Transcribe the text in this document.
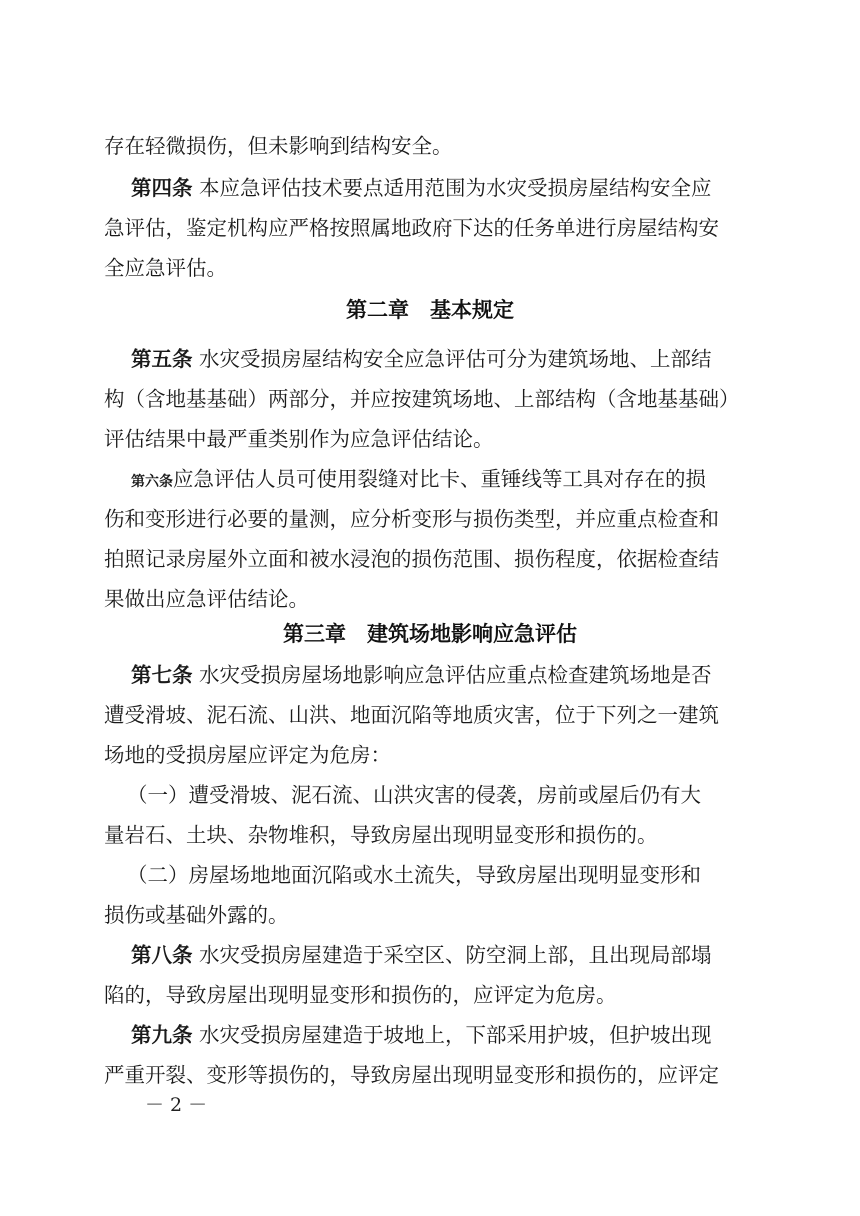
存在轻微损伤，但未影响到结构安全。
第四条 本应急评估技术要点适用范围为水灾受损房屋结构安全应
急评估，鉴定机构应严格按照属地政府下达的任务单进行房屋结构安
全应急评估。
第二章　基本规定
第五条 水灾受损房屋结构安全应急评估可分为建筑场地、上部结
构（含地基基础）两部分，并应按建筑场地、上部结构（含地基基础）
评估结果中最严重类别作为应急评估结论。
第六条应急评估人员可使用裂缝对比卡、重锤线等工具对存在的损
伤和变形进行必要的量测，应分析变形与损伤类型，并应重点检查和
拍照记录房屋外立面和被水浸泡的损伤范围、损伤程度，依据检查结
果做出应急评估结论。
第三章　建筑场地影响应急评估
第七条 水灾受损房屋场地影响应急评估应重点检查建筑场地是否
遭受滑坡、泥石流、山洪、地面沉陷等地质灾害，位于下列之一建筑
场地的受损房屋应评定为危房：
（一）遭受滑坡、泥石流、山洪灾害的侵袭，房前或屋后仍有大
量岩石、土块、杂物堆积，导致房屋出现明显变形和损伤的。
（二）房屋场地地面沉陷或水土流失，导致房屋出现明显变形和
损伤或基础外露的。
第八条 水灾受损房屋建造于采空区、防空洞上部，且出现局部塌
陷的，导致房屋出现明显变形和损伤的，应评定为危房。
第九条 水灾受损房屋建造于坡地上，下部采用护坡，但护坡出现
严重开裂、变形等损伤的，导致房屋出现明显变形和损伤的，应评定
－ 2 －
